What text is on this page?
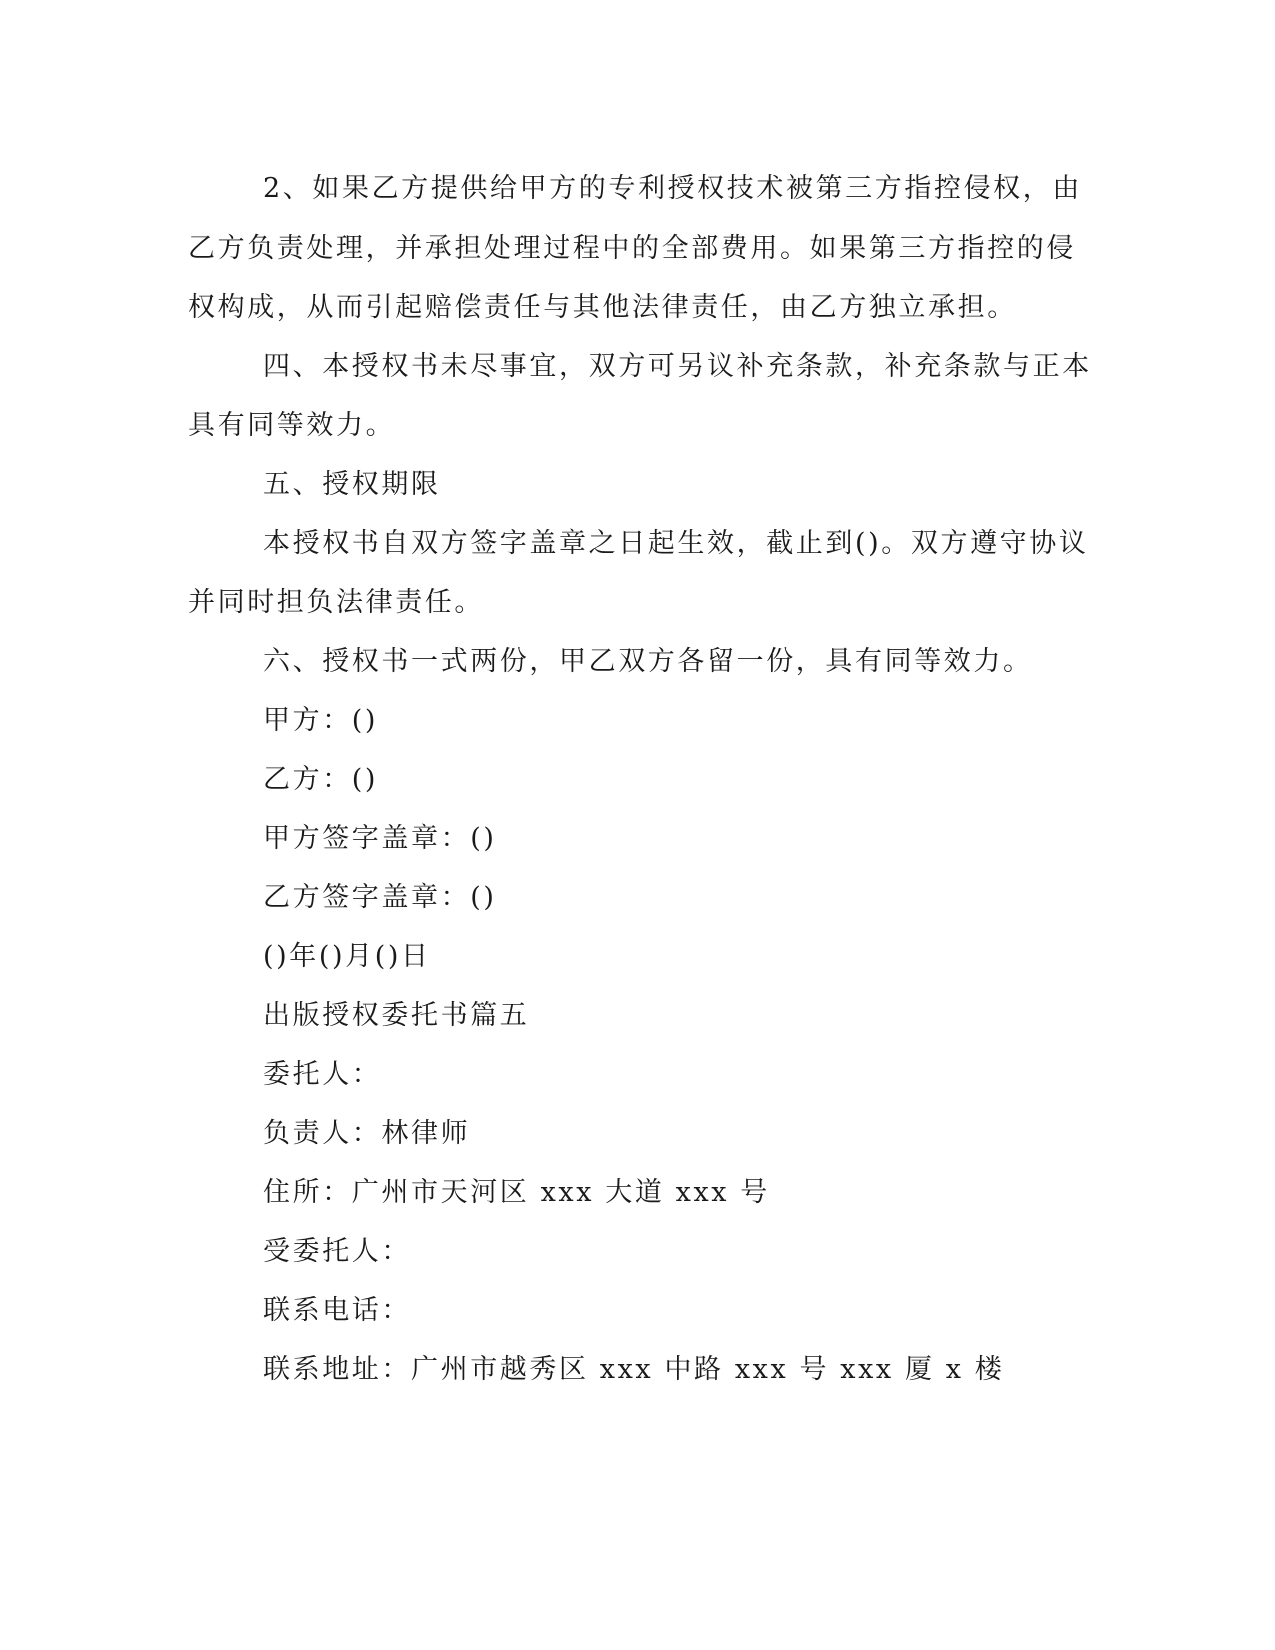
2、如果乙方提供给甲方的专利授权技术被第三方指控侵权，由
乙方负责处理，并承担处理过程中的全部费用。如果第三方指控的侵
权构成，从而引起赔偿责任与其他法律责任，由乙方独立承担。
四、本授权书未尽事宜，双方可另议补充条款，补充条款与正本
具有同等效力。
五、授权期限
本授权书自双方签字盖章之日起生效，截止到()。双方遵守协议
并同时担负法律责任。
六、授权书一式两份，甲乙双方各留一份，具有同等效力。
甲方：()
乙方：()
甲方签字盖章：()
乙方签字盖章：()
()年()月()日
出版授权委托书篇五
委托人：
负责人：林律师
住所：广州市天河区 xxx 大道 xxx 号
受委托人：
联系电话：
联系地址：广州市越秀区 xxx 中路 xxx 号 xxx 厦 x 楼
